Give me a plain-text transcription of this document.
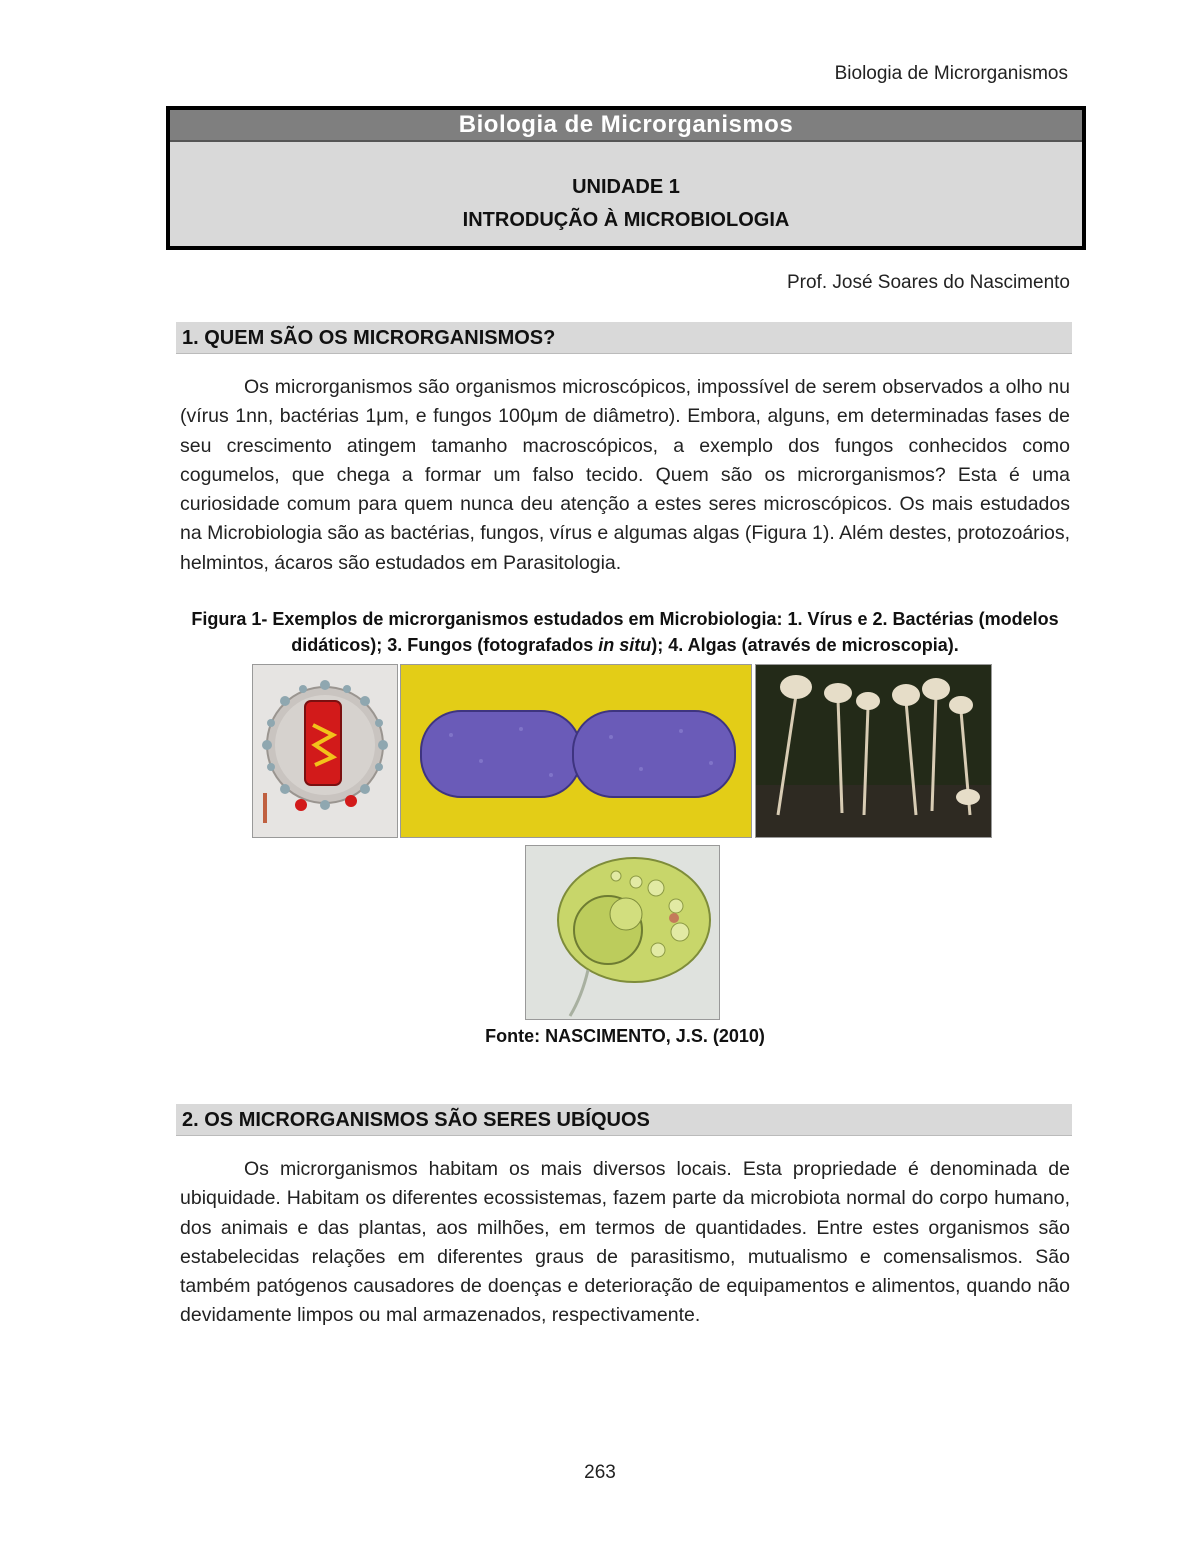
Biologia de Microrganismos
Biologia de Microrganismos
UNIDADE 1
INTRODUÇÃO À MICROBIOLOGIA
Prof. José Soares do Nascimento
1. QUEM SÃO OS MICRORGANISMOS?
Os microrganismos são organismos microscópicos, impossível de serem observados a olho nu (vírus 1nn, bactérias 1μm, e fungos 100μm de diâmetro). Embora, alguns, em determinadas fases de seu crescimento atingem tamanho macroscópicos, a exemplo dos fungos conhecidos como cogumelos, que chega a formar um falso tecido. Quem são os microrganismos? Esta é uma curiosidade comum para quem nunca deu atenção a estes seres microscópicos. Os mais estudados na Microbiologia são as bactérias, fungos, vírus e algumas algas (Figura 1). Além destes, protozoários, helmintos, ácaros são estudados em Parasitologia.
Figura 1- Exemplos de microrganismos estudados em Microbiologia: 1. Vírus e 2. Bactérias (modelos didáticos); 3. Fungos (fotografados in situ); 4. Algas (através de microscopia).
Fonte: NASCIMENTO, J.S. (2010)
2. OS MICRORGANISMOS SÃO SERES UBÍQUOS
Os microrganismos habitam os mais diversos locais. Esta propriedade é denominada de ubiquidade. Habitam os diferentes ecossistemas, fazem parte da microbiota normal do corpo humano, dos animais e das plantas, aos milhões, em termos de quantidades. Entre estes organismos são estabelecidas relações em diferentes graus de parasitismo, mutualismo e comensalismos. São também patógenos causadores de doenças e deterioração de equipamentos e alimentos, quando não devidamente limpos ou mal armazenados, respectivamente.
263
